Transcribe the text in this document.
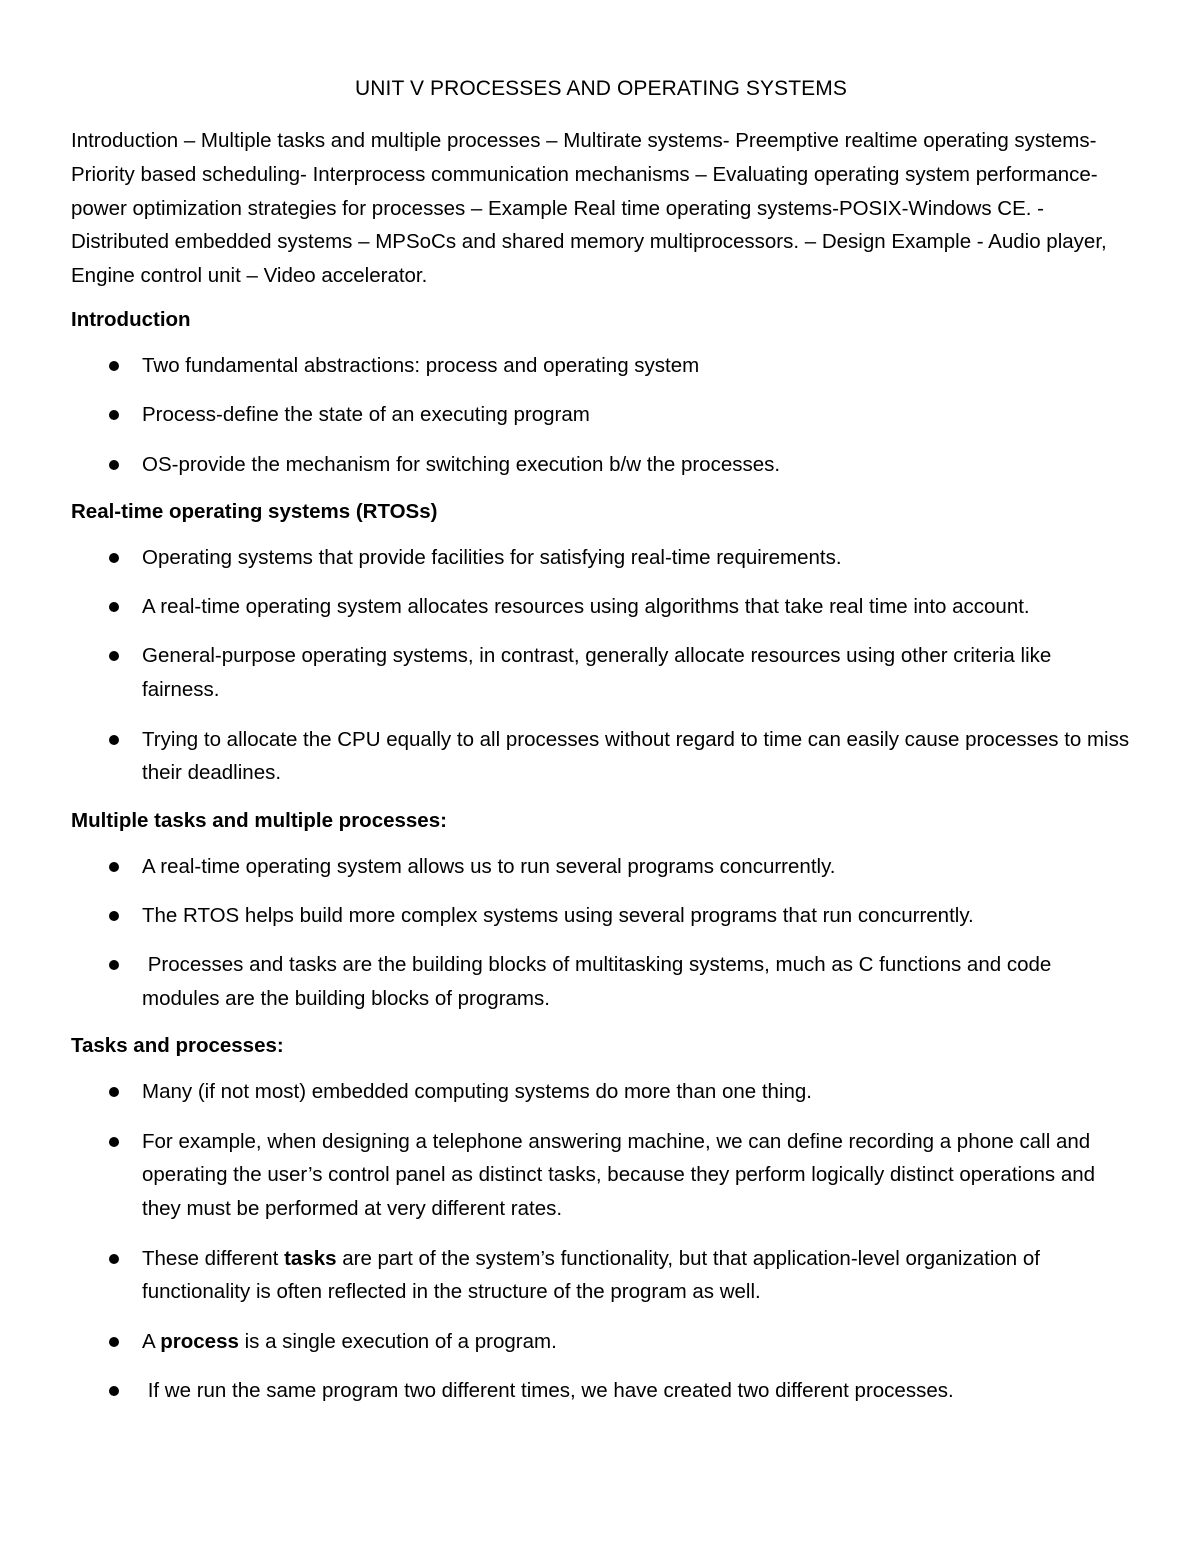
UNIT V PROCESSES AND OPERATING SYSTEMS

Introduction – Multiple tasks and multiple processes – Multirate systems- Preemptive realtime operating systems- Priority based scheduling- Interprocess communication mechanisms – Evaluating operating system performance- power optimization strategies for processes – Example Real time operating systems-POSIX-Windows CE. - Distributed embedded systems – MPSoCs and shared memory multiprocessors. – Design Example - Audio player, Engine control unit – Video accelerator.

Introduction
Two fundamental abstractions: process and operating system
Process-define the state of an executing program
OS-provide the mechanism for switching execution b/w the processes.
Real-time operating systems (RTOSs)
Operating systems that provide facilities for satisfying real-time requirements.
A real-time operating system allocates resources using algorithms that take real time into account.
General-purpose operating systems, in contrast, generally allocate resources using other criteria like fairness.
Trying to allocate the CPU equally to all processes without regard to time can easily cause processes to miss their deadlines.
Multiple tasks and multiple processes:
A real-time operating system allows us to run several programs concurrently.
The RTOS helps build more complex systems using several programs that run concurrently.
Processes and tasks are the building blocks of multitasking systems, much as C functions and code modules are the building blocks of programs.
Tasks and processes:
Many (if not most) embedded computing systems do more than one thing.
For example, when designing a telephone answering machine, we can define recording a phone call and operating the user’s control panel as distinct tasks, because they perform logically distinct operations and they must be performed at very different rates.
These different tasks are part of the system’s functionality, but that application-level organization of functionality is often reflected in the structure of the program as well.
A process is a single execution of a program.
If we run the same program two different times, we have created two different processes.
